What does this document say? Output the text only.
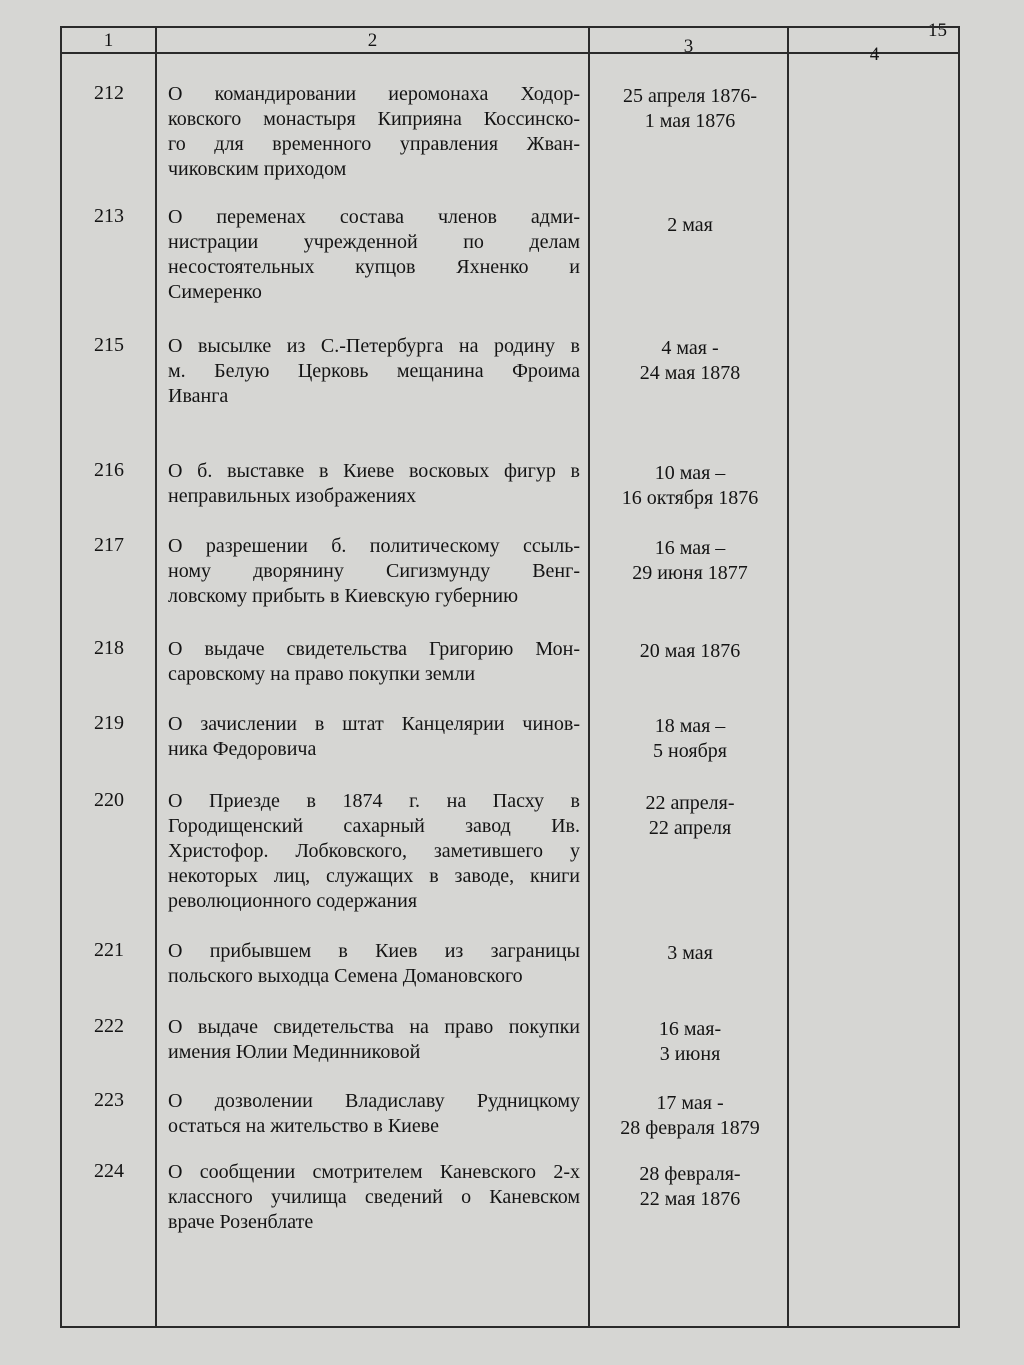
15
1	2	3	4
212	О командировании иеромонаха Ходор-
ковского монастыря Киприяна Коссинско-
го для временного управления Жван-
чиковским приходом
25 апреля 1876-
1 мая 1876
213	О переменах состава членов адми-
нистрации учрежденной по делам
несостоятельных купцов Яхненко и
Симеренко
2 мая
215	О высылке из С.-Петербурга на родину в
м. Белую Церковь мещанина Фроима
Иванга
4 мая -
24 мая 1878
216	О б. выставке в Киеве восковых фигур в
неправильных изображениях
10 мая –
16 октября 1876
217	О разрешении б. политическому ссыль-
ному дворянину Сигизмунду Венг-
ловскому прибыть в Киевскую губернию
16 мая –
29 июня 1877
218	О выдаче свидетельства Григорию Мон-
саровскому на право покупки земли
20 мая 1876
219	О зачислении в штат Канцелярии чинов-
ника Федоровича
18 мая –
5 ноября
220	О Приезде в 1874 г. на Пасху в
Городищенский сахарный завод Ив.
Христофор. Лобковского, заметившего у
некоторых лиц, служащих в заводе, книги
революционного содержания
22 апреля-
22 апреля
221	О прибывшем в Киев из заграницы
польского выходца Семена Домановского
3 мая
222	О выдаче свидетельства на право покупки
имения Юлии Мединниковой
16 мая-
3 июня
223	О дозволении Владиславу Рудницкому
остаться на жительство в Киеве
17 мая -
28 февраля 1879
224	О сообщении смотрителем Каневского 2-х
классного училища сведений о Каневском
враче Розенблате
28 февраля-
22 мая 1876
